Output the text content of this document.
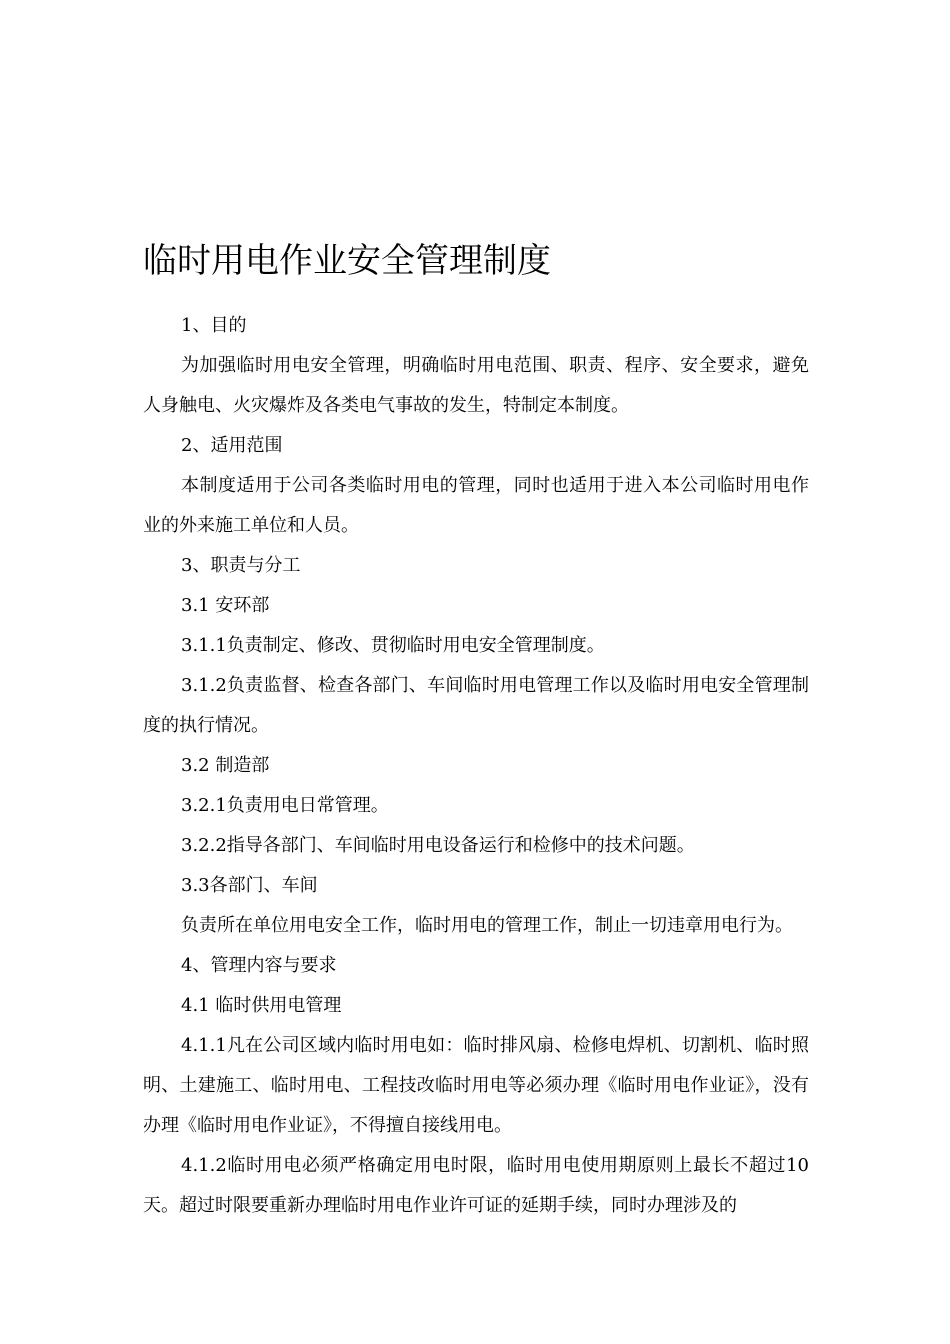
临时用电作业安全管理制度

1、目的

为加强临时用电安全管理，明确临时用电范围、职责、程序、安全要求，避免人身触电、火灾爆炸及各类电气事故的发生，特制定本制度。

2、适用范围

本制度适用于公司各类临时用电的管理，同时也适用于进入本公司临时用电作业的外来施工单位和人员。

3、职责与分工

3.1 安环部

3.1.1负责制定、修改、贯彻临时用电安全管理制度。

3.1.2负责监督、检查各部门、车间临时用电管理工作以及临时用电安全管理制度的执行情况。

3.2 制造部

3.2.1负责用电日常管理。

3.2.2指导各部门、车间临时用电设备运行和检修中的技术问题。

3.3各部门、车间

负责所在单位用电安全工作，临时用电的管理工作，制止一切违章用电行为。

4、管理内容与要求

4.1 临时供用电管理

4.1.1凡在公司区域内临时用电如：临时排风扇、检修电焊机、切割机、临时照明、土建施工、临时用电、工程技改临时用电等必须办理《临时用电作业证》，没有办理《临时用电作业证》，不得擅自接线用电。

4.1.2临时用电必须严格确定用电时限，临时用电使用期原则上最长不超过10 天。超过时限要重新办理临时用电作业许可证的延期手续，同时办理涉及的
